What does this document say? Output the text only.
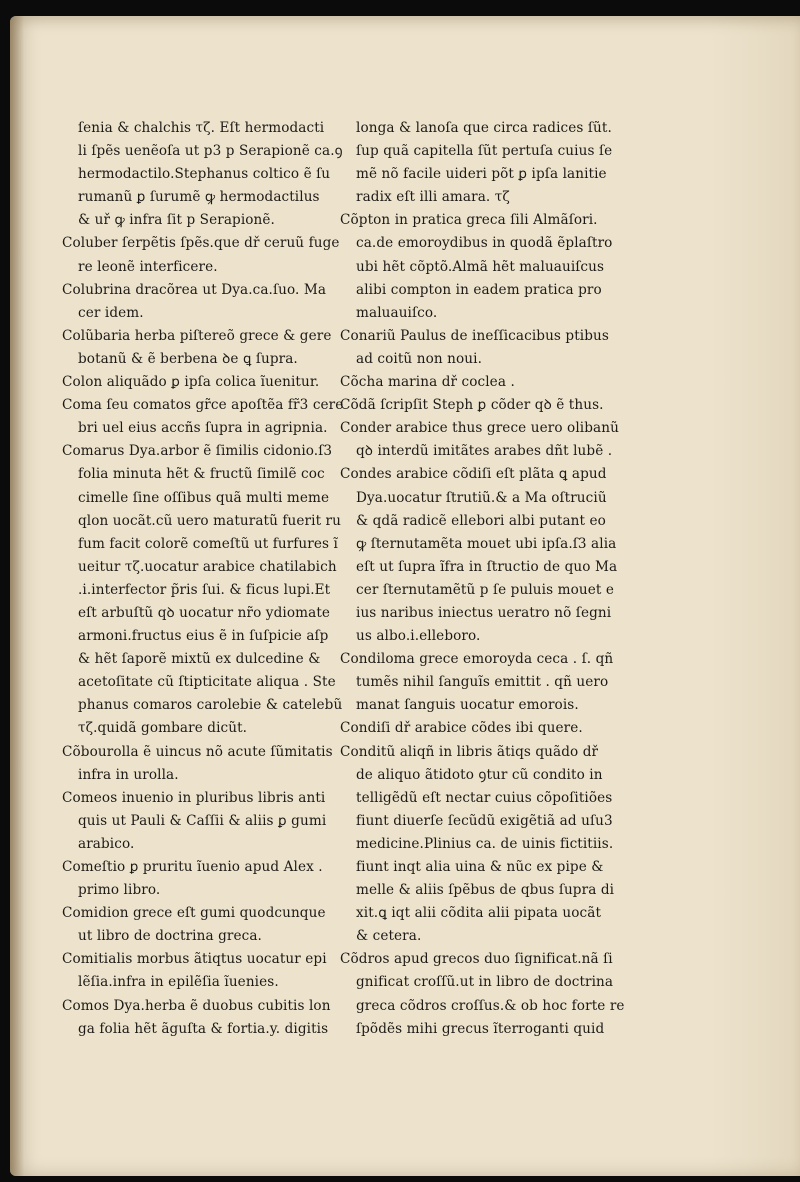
ſenia & chalchis τζ. Eſt hermodacti
li ſpẽs uenẽoſa ut p3 p Serapionẽ ca.ꝯ
hermodactilo.Stephanus coltico ẽ ſu
rumanũ ꝑ ſurumẽ ꝙ hermodactilus
& uř ꝙ infra ſit p Serapionẽ.
Coluber ſerpẽtis ſpẽs.que dř ceruũ fuge
re leonẽ interficere.
Colubrina dracõrea ut Dya.ca.ſuo. Ma
cer idem.
Colũbaria herba piſtereõ grece & gere
botanũ & ẽ berbena ꝺe ꝗ ſupra.
Colon aliquãdo ꝑ ipſa colica ĩuenitur.
Coma ſeu comatos gr̃ce apoſtẽa fr̃3 cere
bri uel eius accñs ſupra in agripnia.
Comarus Dya.arbor ẽ ſimilis cidonio.ſ3
folia minuta hẽt & fructũ ſimilẽ coc
cimelle ſine oſſibus quã multi meme
qlon uocãt.cũ uero maturatũ fuerit ru
fum facit colorẽ comeſtũ ut furfures ĩ
ueitur τζ.uocatur arabice chatilabich
.i.interfector p̃ris ſui. & ficus lupi.Et
eſt arbuſtũ qꝺ uocatur nr̃o ydiomate
armoni.fructus eius ẽ in ſuſpicie aſp
& hẽt ſaporẽ mixtũ ex dulcedine &
acetoſitate cũ ſtipticitate aliqua . Ste
phanus comaros carolebie & catelebũ
τζ.quidã gombare dicũt.
Cõbourolla ẽ uincus nõ acute ſũmitatis
infra in urolla.
Comeos inuenio in pluribus libris anti
quis ut Pauli & Caſſii & aliis ꝑ gumi
arabico.
Comeſtio ꝑ pruritu ĩuenio apud Alex .
primo libro.
Comidion grece eſt gumi quodcunque
ut libro de doctrina greca.
Comitialis morbus ãtiqtus uocatur epi
lẽſia.infra in epilẽſia ĩuenies.
Comos Dya.herba ẽ duobus cubitis lon
ga folia hẽt ãguſta & fortia.y. digitis
longa & lanoſa que circa radices ſũt.
ſup quã capitella ſũt pertuſa cuius ſe
mẽ nõ facile uideri põt ꝑ ipſa lanitie
radix eſt illi amara. τζ
Cõpton in pratica greca ſili Almãſori.
ca.de emoroydibus in quodã ẽplaſtro
ubi hẽt cõptõ.Almã hẽt maluauiſcus
alibi compton in eadem pratica pro
maluauiſco.
Conariũ Paulus de ineſſicacibus ptibus
ad coitũ non noui.
Cõcha marina dř coclea .
Cõdã ſcripſit Steph ꝑ cõder qꝺ ẽ thus.
Conder arabice thus grece uero olibanũ
qꝺ interdũ imitãtes arabes dñt lubẽ .
Condes arabice cõdiſi eſt plãta ꝗ apud
Dya.uocatur ſtrutiũ.& a Ma oſtruciũ
& qdã radicẽ ellebori albi putant eo
ꝙ ſternutamẽta mouet ubi ipſa.ſ3 alia
eſt ut ſupra ĩfra in ſtructio de quo Ma
cer ſternutamẽtũ p ſe puluis mouet e
ius naribus iniectus ueratro nõ ſegni
us albo.i.elleboro.
Condiloma grece emoroyda ceca . ſ. qñ
tumẽs nihil ſanguĩs emittit . qñ uero
manat ſanguis uocatur emorois.
Condiſi dř arabice cõdes ibi quere.
Conditũ aliqñ in libris ãtiqs quãdo dř
de aliquo ãtidoto ꝯtur cũ condito in
telligẽdũ eſt nectar cuius cõpoſitiões
fiunt diuerſe ſecũdũ exigẽtiã ad uſu3
medicine.Plinius ca. de uinis fictitiis.
fiunt inqt alia uina & nũc ex pipe &
melle & aliis ſpẽbus de qbus ſupra di
xit.ꝗ iqt alii cõdita alii pipata uocãt
& cetera.
Cõdros apud grecos duo ſignificat.nã ſi
gnificat croſſũ.ut in libro de doctrina
greca cõdros croſſus.& ob hoc forte re
ſpõdẽs mihi grecus ĩterroganti quid
